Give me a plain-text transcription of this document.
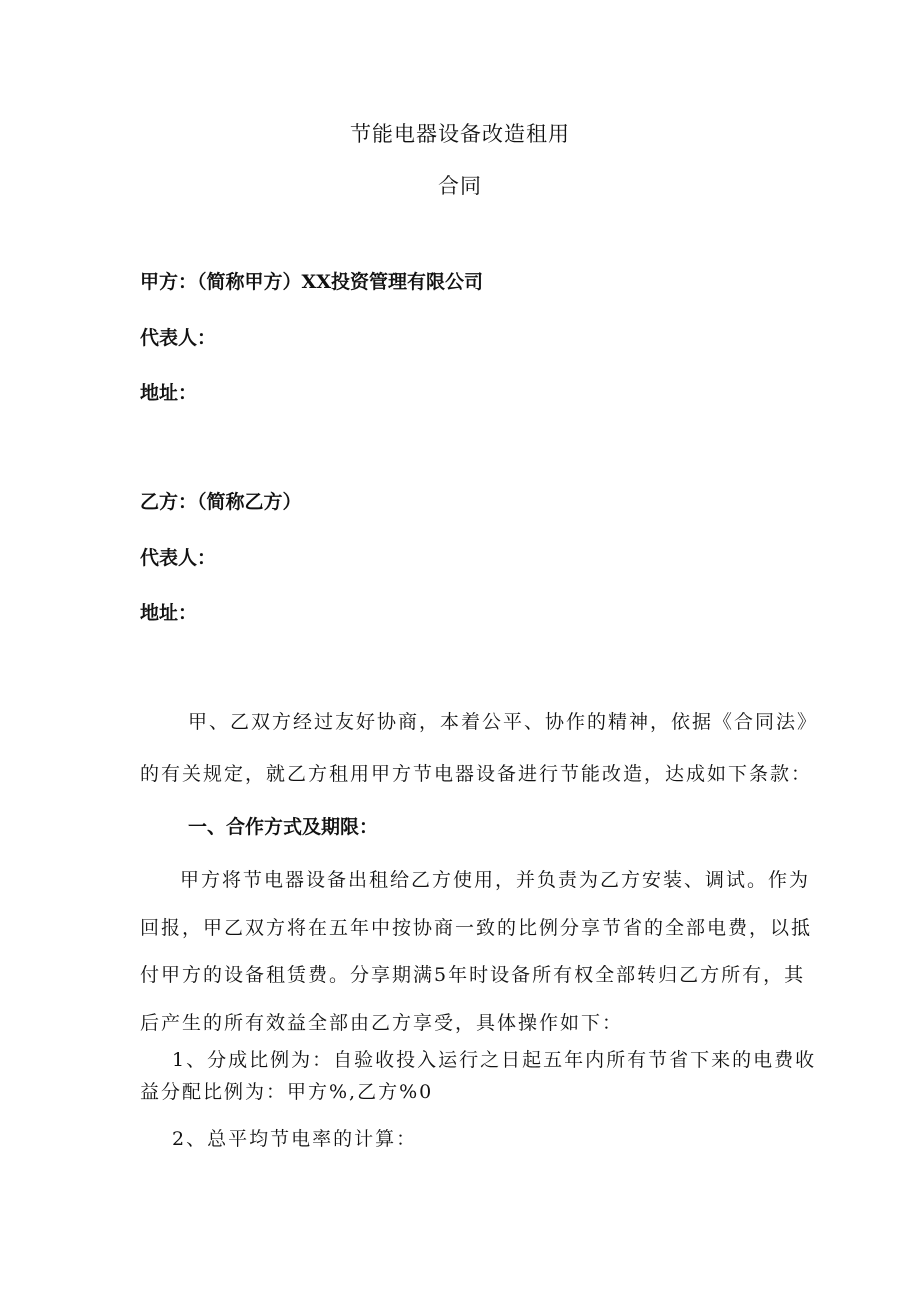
节能电器设备改造租用
合同
甲方：（简称甲方）XX投资管理有限公司
代表人：
地址：
乙方：（简称乙方）
代表人：
地址：
甲、乙双方经过友好协商，本着公平、协作的精神，依据《合同法》
的有关规定，就乙方租用甲方节电器设备进行节能改造，达成如下条款：
一、合作方式及期限：
甲方将节电器设备出租给乙方使用，并负责为乙方安装、调试。作为
回报，甲乙双方将在五年中按协商一致的比例分享节省的全部电费，以抵
付甲方的设备租赁费。分享期满5年时设备所有权全部转归乙方所有，其
后产生的所有效益全部由乙方享受，具体操作如下：
1、分成比例为：自验收投入运行之日起五年内所有节省下来的电费收
益分配比例为：甲方%,乙方%0
2、总平均节电率的计算：
